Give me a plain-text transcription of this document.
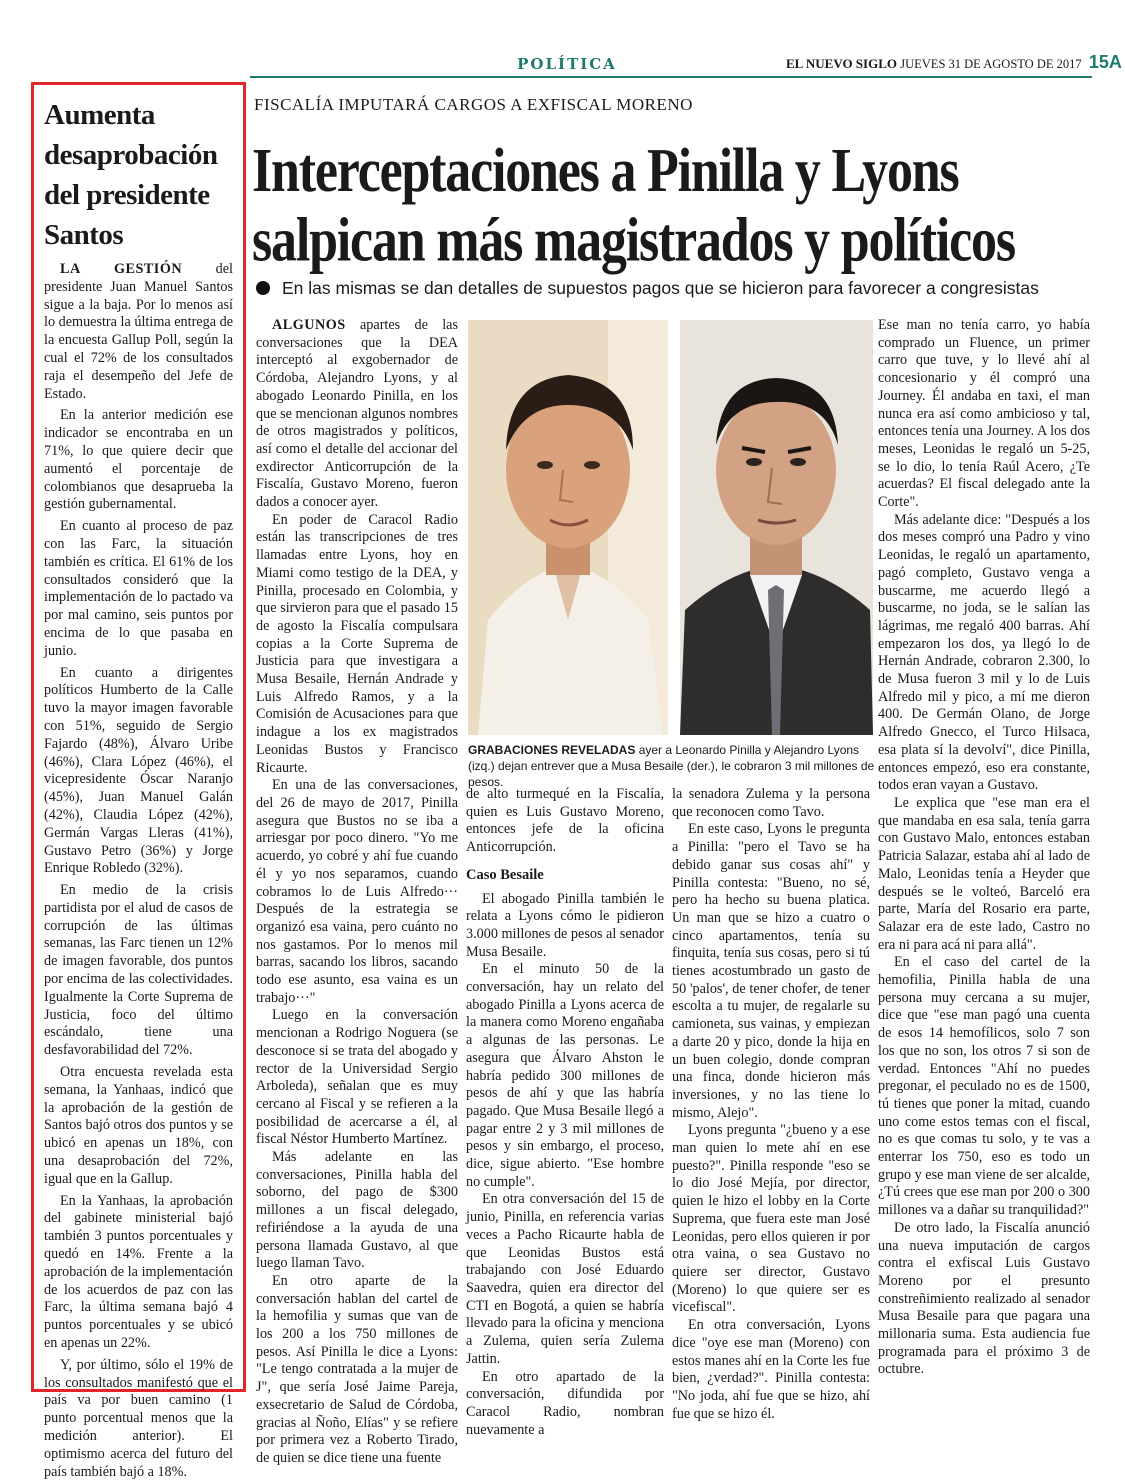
POLÍTICA	EL NUEVO SIGLO JUEVES 31 DE AGOSTO DE 2017 15A
Aumenta
desaprobación
del presidente
Santos

LA GESTIÓN del presidente Juan Manuel Santos sigue a la baja. Por lo menos así lo demuestra la última entrega de la encuesta Gallup Poll, según la cual el 72% de los consultados raja el desempeño del Jefe de Estado.

En la anterior medición ese indicador se encontraba en un 71%, lo que quiere decir que aumentó el porcentaje de colombianos que desaprueba la gestión gubernamental.

En cuanto al proceso de paz con las Farc, la situación también es crítica. El 61% de los consultados consideró que la implementación de lo pactado va por mal camino, seis puntos por encima de lo que pasaba en junio.

En cuanto a dirigentes políticos Humberto de la Calle tuvo la mayor imagen favorable con 51%, seguido de Sergio Fajardo (48%), Álvaro Uribe (46%), Clara López (46%), el vicepresidente Óscar Naranjo (45%), Juan Manuel Galán (42%), Claudia López (42%), Germán Vargas Lleras (41%), Gustavo Petro (36%) y Jorge Enrique Robledo (32%).

En medio de la crisis partidista por el alud de casos de corrupción de las últimas semanas, las Farc tienen un 12% de imagen favorable, dos puntos por encima de las colectividades. Igualmente la Corte Suprema de Justicia, foco del último escándalo, tiene una desfavorabilidad del 72%.

Otra encuesta revelada esta semana, la Yanhaas, indicó que la aprobación de la gestión de Santos bajó otros dos puntos y se ubicó en apenas un 18%, con una desaprobación del 72%, igual que en la Gallup.

En la Yanhaas, la aprobación del gabinete ministerial bajó también 3 puntos porcentuales y quedó en 14%. Frente a la aprobación de la implementación de los acuerdos de paz con las Farc, la última semana bajó 4 puntos porcentuales y se ubicó en apenas un 22%.

Y, por último, sólo el 19% de los consultados manifestó que el país va por buen camino (1 punto porcentual menos que la medición anterior). El optimismo acerca del futuro del país también bajó a 18%.

FISCALÍA IMPUTARÁ CARGOS A EXFISCAL MORENO
Interceptaciones a Pinilla y Lyons
salpican más magistrados y políticos
En las mismas se dan detalles de supuestos pagos que se hicieron para favorecer a congresistas

ALGUNOS apartes de las conversaciones que la DEA interceptó al exgobernador de Córdoba, Alejandro Lyons, y al abogado Leonardo Pinilla, en los que se mencionan algunos nombres de otros magistrados y políticos, así como el detalle del accionar del exdirector Anticorrupción de la Fiscalía, Gustavo Moreno, fueron dados a conocer ayer.

En poder de Caracol Radio están las transcripciones de tres llamadas entre Lyons, hoy en Miami como testigo de la DEA, y Pinilla, procesado en Colombia, y que sirvieron para que el pasado 15 de agosto la Fiscalía compulsara copias a la Corte Suprema de Justicia para que investigara a Musa Besaile, Hernán Andrade y Luis Alfredo Ramos, y a la Comisión de Acusaciones para que indague a los ex magistrados Leonidas Bustos y Francisco Ricaurte.

En una de las conversaciones, del 26 de mayo de 2017, Pinilla asegura que Bustos no se iba a arriesgar por poco dinero. "Yo me acuerdo, yo cobré y ahí fue cuando él y yo nos separamos, cuando cobramos lo de Luis Alfredo··· Después de la estrategia se organizó esa vaina, pero cuánto no nos gastamos. Por lo menos mil barras, sacando los libros, sacando todo ese asunto, esa vaina es un trabajo···"

Luego en la conversación mencionan a Rodrigo Noguera (se desconoce si se trata del abogado y rector de la Universidad Sergio Arboleda), señalan que es muy cercano al Fiscal y se refieren a la posibilidad de acercarse a él, al fiscal Néstor Humberto Martínez.

Más adelante en las conversaciones, Pinilla habla del soborno, del pago de $300 millones a un fiscal delegado, refiriéndose a la ayuda de una persona llamada Gustavo, al que luego llaman Tavo.

En otro aparte de la conversación hablan del cartel de la hemofilia y sumas que van de los 200 a los 750 millones de pesos. Así Pinilla le dice a Lyons: "Le tengo contratada a la mujer de J", que sería José Jaime Pareja, exsecretario de Salud de Córdoba, gracias al Ñoño, Elías" y se refiere por primera vez a Roberto Tirado, de quien se dice tiene una fuente

GRABACIONES REVELADAS ayer a Leonardo Pinilla y Alejandro Lyons (izq.) dejan entrever que a Musa Besaile (der.), le cobraron 3 mil millones de pesos.

de alto turmequé en la Fiscalía, quien es Luis Gustavo Moreno, entonces jefe de la oficina Anticorrupción.

Caso Besaile

El abogado Pinilla también le relata a Lyons cómo le pidieron 3.000 millones de pesos al senador Musa Besaile.

En el minuto 50 de la conversación, hay un relato del abogado Pinilla a Lyons acerca de la manera como Moreno engañaba a algunas de las personas. Le asegura que Álvaro Ahston le habría pedido 300 millones de pesos de ahí y que las habría pagado. Que Musa Besaile llegó a pagar entre 2 y 3 mil millones de pesos y sin embargo, el proceso, dice, sigue abierto. "Ese hombre no cumple".

En otra conversación del 15 de junio, Pinilla, en referencia varias veces a Pacho Ricaurte habla de que Leonidas Bustos está trabajando con José Eduardo Saavedra, quien era director del CTI en Bogotá, a quien se habría llevado para la oficina y menciona a Zulema, quien sería Zulema Jattin.

En otro apartado de la conversación, difundida por Caracol Radio, nombran nuevamente a

la senadora Zulema y la persona que reconocen como Tavo.

En este caso, Lyons le pregunta a Pinilla: "pero el Tavo se ha debido ganar sus cosas ahí" y Pinilla contesta: "Bueno, no sé, pero ha hecho su buena platica. Un man que se hizo a cuatro o cinco apartamentos, tenía su finquita, tenía sus cosas, pero si tú tienes acostumbrado un gasto de 50 'palos', de tener chofer, de tener escolta a tu mujer, de regalarle su camioneta, sus vainas, y empiezan a darte 20 y pico, donde la hija en un buen colegio, donde compran una finca, donde hicieron más inversiones, y no las tiene lo mismo, Alejo".

Lyons pregunta "¿bueno y a ese man quien lo mete ahí en ese puesto?". Pinilla responde "eso se lo dio José Mejía, por director, quien le hizo el lobby en la Corte Suprema, que fuera este man José Leonidas, pero ellos quieren ir por otra vaina, o sea Gustavo no quiere ser director, Gustavo (Moreno) lo que quiere ser es vicefiscal".

En otra conversación, Lyons dice "oye ese man (Moreno) con estos manes ahí en la Corte les fue bien, ¿verdad?". Pinilla contesta: "No joda, ahí fue que se hizo, ahí fue que se hizo él.

Ese man no tenía carro, yo había comprado un Fluence, un primer carro que tuve, y lo llevé ahí al concesionario y él compró una Journey. Él andaba en taxi, el man nunca era así como ambicioso y tal, entonces tenía una Journey. A los dos meses, Leonidas le regaló un 5-25, se lo dio, lo tenía Raúl Acero, ¿Te acuerdas? El fiscal delegado ante la Corte".

Más adelante dice: "Después a los dos meses compró una Padro y vino Leonidas, le regaló un apartamento, pagó completo, Gustavo venga a buscarme, me acuerdo llegó a buscarme, no joda, se le salían las lágrimas, me regaló 400 barras. Ahí empezaron los dos, ya llegó lo de Hernán Andrade, cobraron 2.300, lo de Musa fueron 3 mil y lo de Luis Alfredo mil y pico, a mí me dieron 400. De Germán Olano, de Jorge Alfredo Gnecco, el Turco Hilsaca, esa plata sí la devolví", dice Pinilla, entonces empezó, eso era constante, todos eran vayan a Gustavo.

Le explica que "ese man era el que mandaba en esa sala, tenía garra con Gustavo Malo, entonces estaban Patricia Salazar, estaba ahí al lado de Malo, Leonidas tenía a Heyder que después se le volteó, Barceló era parte, María del Rosario era parte, Salazar era de este lado, Castro no era ni para acá ni para allá".

En el caso del cartel de la hemofilia, Pinilla habla de una persona muy cercana a su mujer, dice que "ese man pagó una cuenta de esos 14 hemofílicos, solo 7 son los que no son, los otros 7 si son de verdad. Entonces "Ahí no puedes pregonar, el peculado no es de 1500, tú tienes que poner la mitad, cuando uno come estos temas con el fiscal, no es que comas tu solo, y te vas a enterrar los 750, eso es todo un grupo y ese man viene de ser alcalde, ¿Tú crees que ese man por 200 o 300 millones va a dañar su tranquilidad?"

De otro lado, la Fiscalía anunció una nueva imputación de cargos contra el exfiscal Luis Gustavo Moreno por el presunto constreñimiento realizado al senador Musa Besaile para que pagara una millonaria suma. Esta audiencia fue programada para el próximo 3 de octubre.
